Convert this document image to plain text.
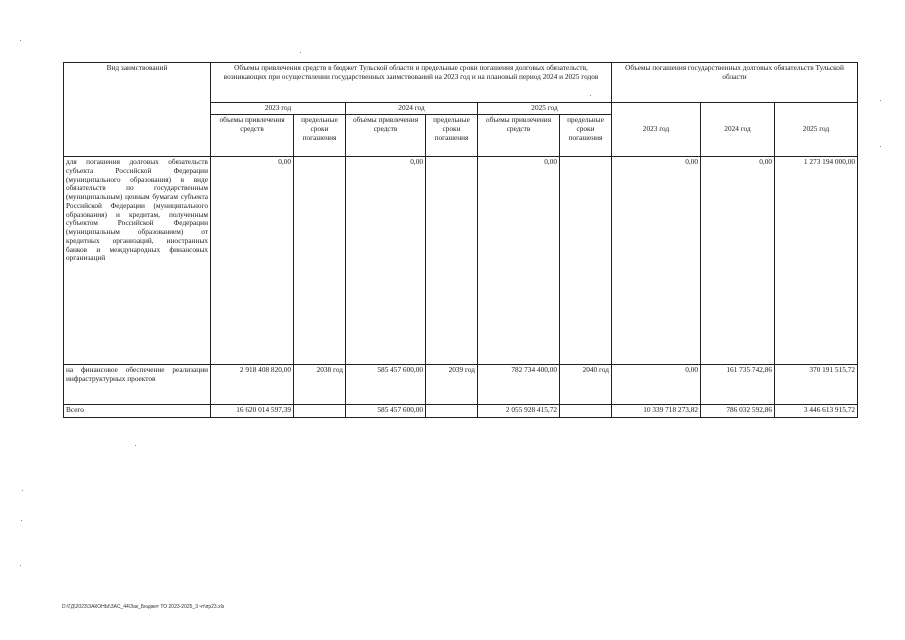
Вид заимствований	Объемы привлечения средств в бюджет Тульской области и предельные сроки погашения долговых обязательств, возникающих при осуществлении государственных заимствований на 2023 год и на плановый период 2024 и 2025 годов						Объемы погашения государственных долговых обязательств Тульской области		
	2023 год		2024 год		2025 год		2023 год	2024 год	2025 год
	объемы привлечения средств	предельные сроки погашения	объемы привлечения средств	предельные сроки погашения	объемы привлечения средств	предельные сроки погашения			
для погашения долговых обязательств субъекта Российской Федерации (муниципального образования) в виде обязательств по государственным (муниципальным) ценным бумагам субъекта Российской Федерации (муниципального образования) и кредитам, полученным субъектом Российской Федерации (муниципальным образованием) от кредитных организаций, иностранных банков и международных финансовых организаций	0,00		0,00		0,00		0,00	0,00	1 273 194 000,00
на финансовое обеспечение реализации инфраструктурных проектов	2 918 408 820,00	2038 год	585 457 600,00	2039 год	782 734 400,00	2040 год	0,00	161 735 742,86	370 191 515,72
Всего	16 620 014 597,39		585 457 600,00		2 055 928 415,72		10 339 718 273,82	786 032 592,86	3 446 613 915,72
D:\ГД\2023\ЗАКОНЫ\ЗАС_44\Зак_Бюджет ТО 2023-2025_3 чт\пр23.xls
